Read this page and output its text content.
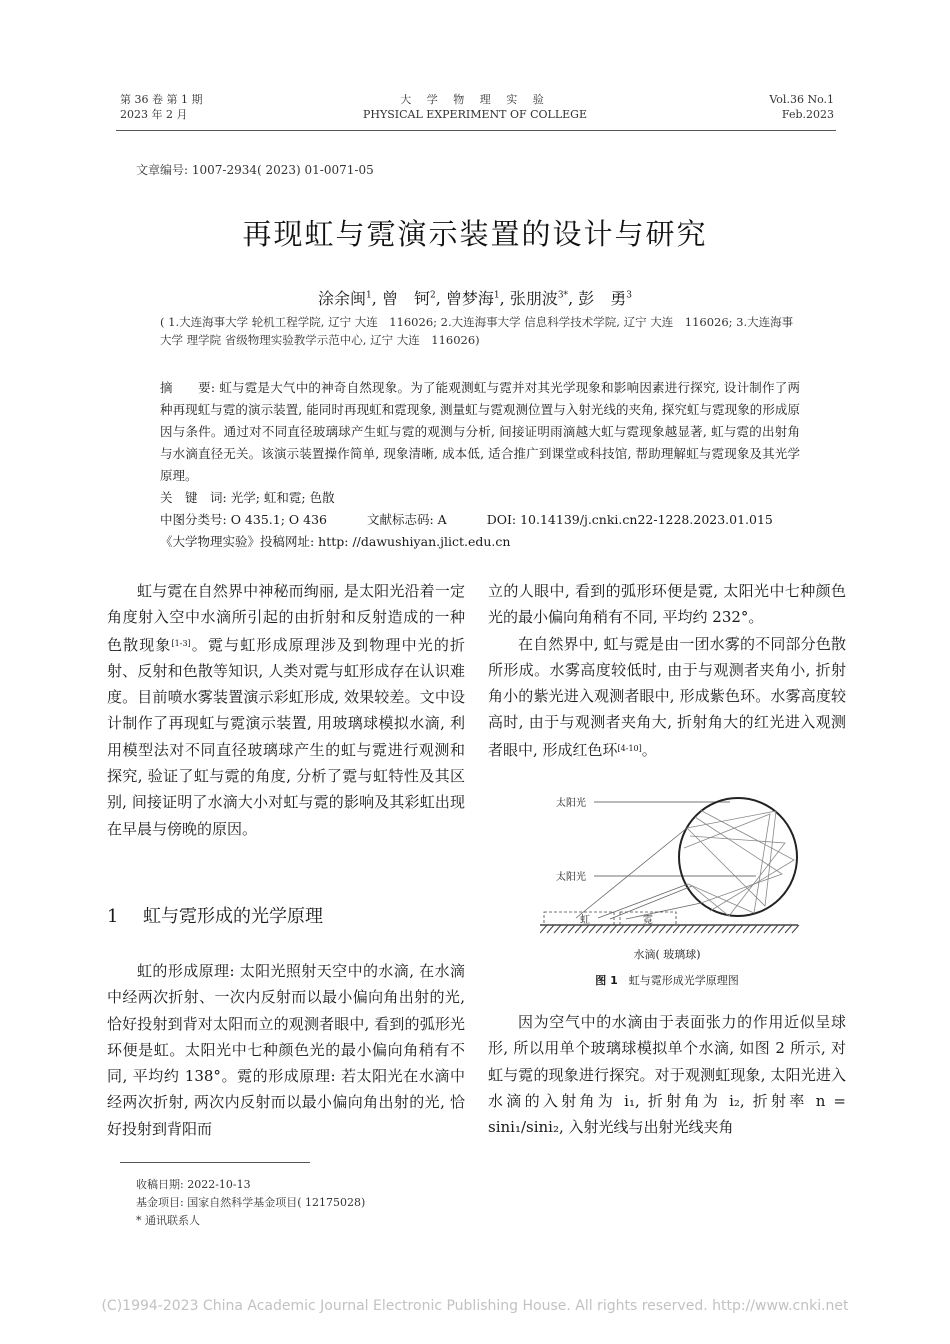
第 36 卷 第 1 期
2023 年 2 月
大 学 物 理 实 验
PHYSICAL EXPERIMENT OF COLLEGE
Vol.36 No.1
Feb.2023
文章编号: 1007-2934( 2023) 01-0071-05
再现虹与霓演示装置的设计与研究
涂余闽$^1$, 曾　钶$^2$, 曾梦海$^1$, 张朋波$^{3*}$, 彭　勇$^3$
( 1.大连海事大学 轮机工程学院, 辽宁 大连　116026; 2.大连海事大学 信息科学技术学院, 辽宁 大连　116026; 3.大连海事大学 理学院 省级物理实验教学示范中心, 辽宁 大连　116026)
摘　　要: 虹与霓是大气中的神奇自然现象。为了能观测虹与霓并对其光学现象和影响因素进行探究, 设计制作了两种再现虹与霓的演示装置, 能同时再现虹和霓现象, 测量虹与霓观测位置与入射光线的夹角, 探究虹与霓现象的形成原因与条件。通过对不同直径玻璃球产生虹与霓的观测与分析, 间接证明雨滴越大虹与霓现象越显著, 虹与霓的出射角与水滴直径无关。该演示装置操作简单, 现象清晰, 成本低, 适合推广到课堂或科技馆, 帮助理解虹与霓现象及其光学原理。
关　键　词: 光学; 虹和霓; 色散
中图分类号: O 435.1; O 436	文献标志码: A	DOI: 10.14139/j.cnki.cn22-1228.2023.01.015
《大学物理实验》投稿网址: http: //dawushiyan.jlict.edu.cn

虹与霓在自然界中神秘而绚丽, 是太阳光沿着一定角度射入空中水滴所引起的由折射和反射造成的一种色散现象[1-3]。霓与虹形成原理涉及到物理中光的折射、反射和色散等知识, 人类对霓与虹形成存在认识难度。目前喷水雾装置演示彩虹形成, 效果较差。文中设计制作了再现虹与霓演示装置, 用玻璃球模拟水滴, 利用模型法对不同直径玻璃球产生的虹与霓进行观测和探究, 验证了虹与霓的角度, 分析了霓与虹特性及其区别, 间接证明了水滴大小对虹与霓的影响及其彩虹出现在早晨与傍晚的原因。

1 虹与霓形成的光学原理

虹的形成原理: 太阳光照射天空中的水滴, 在水滴中经两次折射、一次内反射而以最小偏向角出射的光, 恰好投射到背对太阳而立的观测者眼中, 看到的弧形光环便是虹。太阳光中七种颜色光的最小偏向角稍有不同, 平均约 138°。霓的形成原理: 若太阳光在水滴中经两次折射, 两次内反射而以最小偏向角出射的光, 恰好投射到背阳而

立的人眼中, 看到的弧形环便是霓, 太阳光中七种颜色光的最小偏向角稍有不同, 平均约 232°。

在自然界中, 虹与霓是由一团水雾的不同部分色散所形成。水雾高度较低时, 由于与观测者夹角小, 折射角小的紫光进入观测者眼中, 形成紫色环。水雾高度较高时, 由于与观测者夹角大, 折射角大的红光进入观测者眼中, 形成红色环[4-10]。

太阳光
太阳光
虹	霓
水滴( 玻璃球)
图 1　 虹与霓形成光学原理图

因为空气中的水滴由于表面张力的作用近似呈球形, 所以用单个玻璃球模拟单个水滴, 如图 2 所示, 对虹与霓的现象进行探究。对于观测虹现象, 太阳光进入水滴的入射角为 i₁, 折射角为 i₂, 折射率 n = sini₁/sini₂, 入射光线与出射光线夹角

收稿日期: 2022-10-13
基金项目: 国家自然科学基金项目( 12175028)
* 通讯联系人
(C)1994-2023 China Academic Journal Electronic Publishing House. All rights reserved. http://www.cnki.net
